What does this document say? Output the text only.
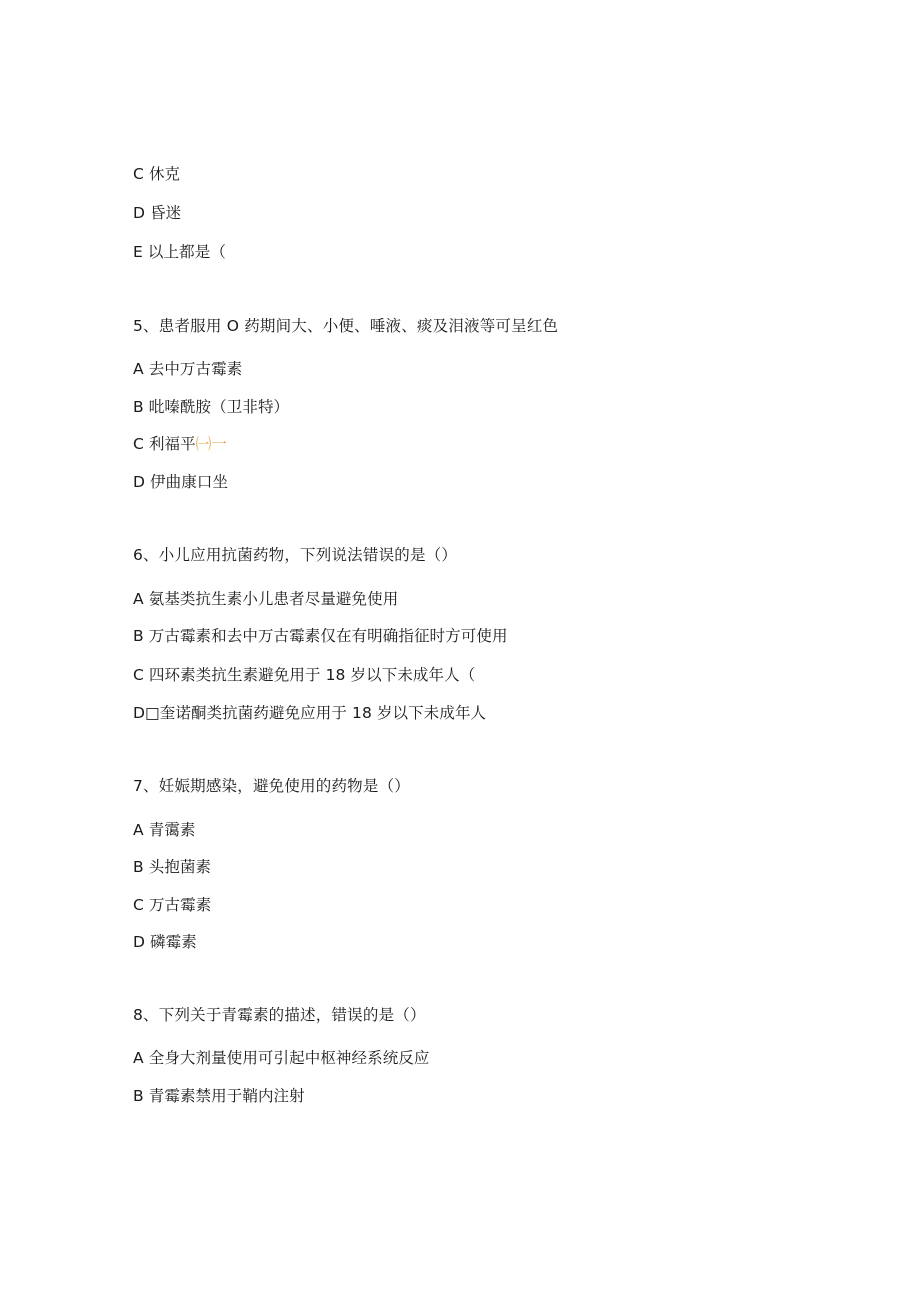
C 休克
D 昏迷
E 以上都是（
5、患者服用 O 药期间大、小便、唾液、痰及泪液等可呈红色
A 去中万古霉素
B 吡嗪酰胺（卫非特）
C 利福平㈠一
D 伊曲康口坐
6、小儿应用抗菌药物，下列说法错误的是（）
A 氨基类抗生素小儿患者尽量避免使用
B 万古霉素和去中万古霉素仅在有明确指征时方可使用
C 四环素类抗生素避免用于 18 岁以下未成年人（
D□奎诺酮类抗菌药避免应用于 18 岁以下未成年人
7、妊娠期感染，避免使用的药物是（）
A 青霭素
B 头抱菌素
C 万古霉素
D 磷霉素
8、下列关于青霉素的描述，错误的是（）
A 全身大剂量使用可引起中枢神经系统反应
B 青霉素禁用于鞘内注射
